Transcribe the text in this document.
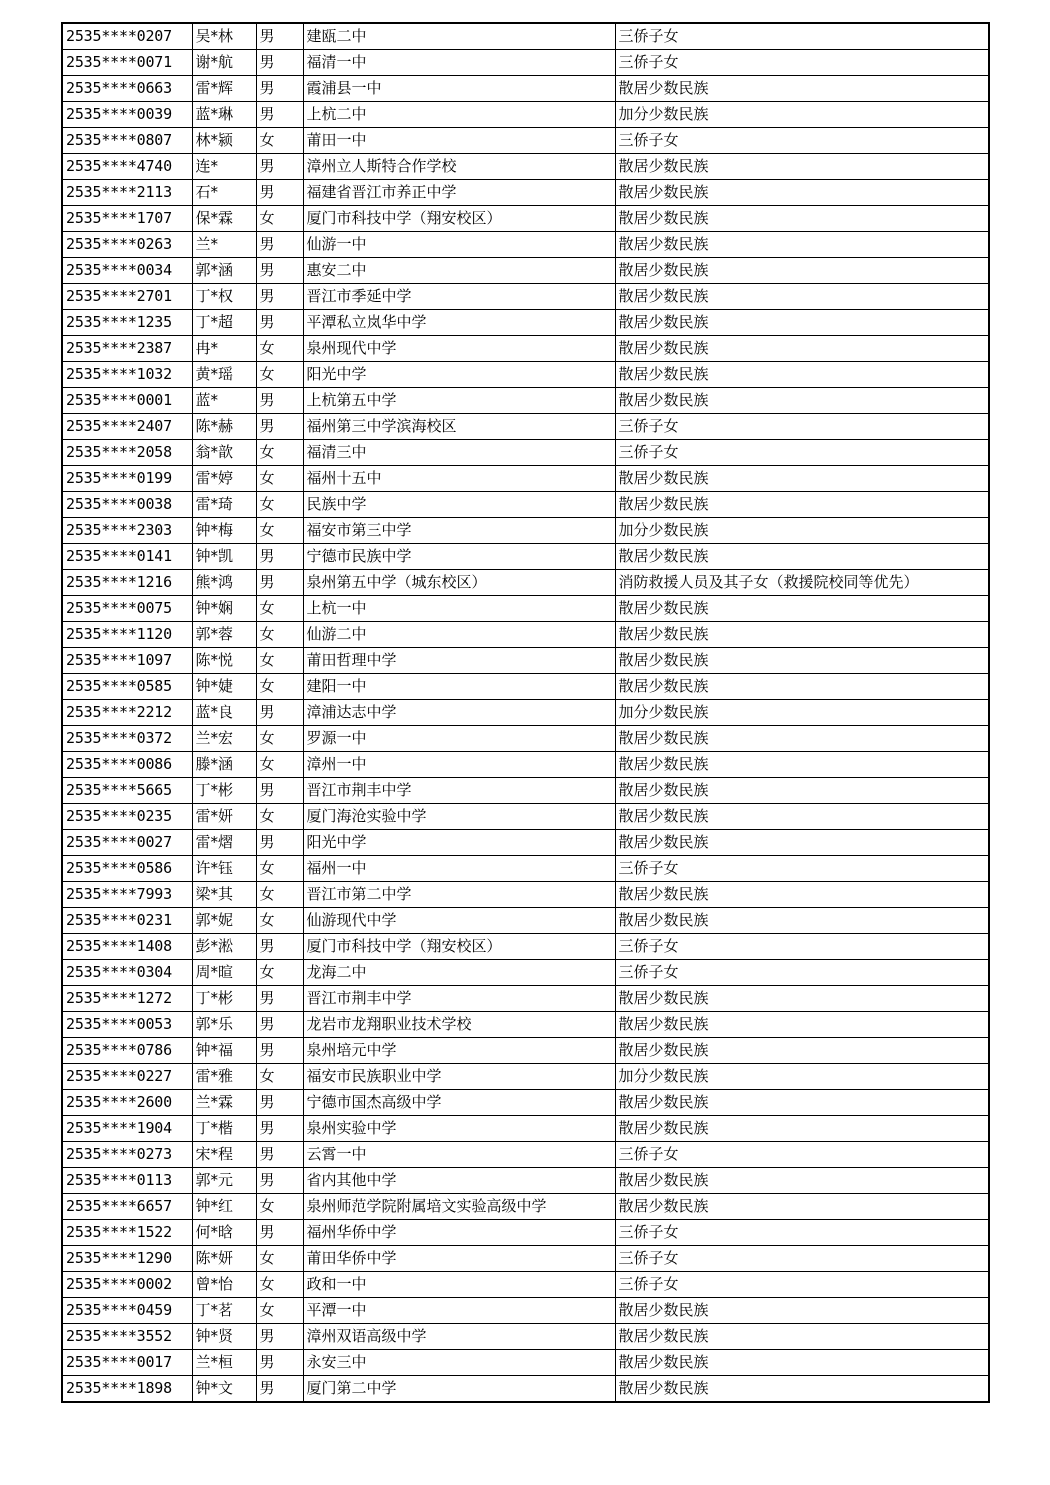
2535****0207	吴*林	男	建瓯二中	三侨子女
2535****0071	谢*航	男	福清一中	三侨子女
2535****0663	雷*辉	男	霞浦县一中	散居少数民族
2535****0039	蓝*琳	男	上杭二中	加分少数民族
2535****0807	林*颍	女	莆田一中	三侨子女
2535****4740	连*	男	漳州立人斯特合作学校	散居少数民族
2535****2113	石*	男	福建省晋江市养正中学	散居少数民族
2535****1707	保*霖	女	厦门市科技中学（翔安校区）	散居少数民族
2535****0263	兰*	男	仙游一中	散居少数民族
2535****0034	郭*涵	男	惠安二中	散居少数民族
2535****2701	丁*权	男	晋江市季延中学	散居少数民族
2535****1235	丁*超	男	平潭私立岚华中学	散居少数民族
2535****2387	冉*	女	泉州现代中学	散居少数民族
2535****1032	黄*瑶	女	阳光中学	散居少数民族
2535****0001	蓝*	男	上杭第五中学	散居少数民族
2535****2407	陈*赫	男	福州第三中学滨海校区	三侨子女
2535****2058	翁*歆	女	福清三中	三侨子女
2535****0199	雷*婷	女	福州十五中	散居少数民族
2535****0038	雷*琦	女	民族中学	散居少数民族
2535****2303	钟*梅	女	福安市第三中学	加分少数民族
2535****0141	钟*凯	男	宁德市民族中学	散居少数民族
2535****1216	熊*鸿	男	泉州第五中学（城东校区）	消防救援人员及其子女（救援院校同等优先）
2535****0075	钟*娴	女	上杭一中	散居少数民族
2535****1120	郭*蓉	女	仙游二中	散居少数民族
2535****1097	陈*悦	女	莆田哲理中学	散居少数民族
2535****0585	钟*婕	女	建阳一中	散居少数民族
2535****2212	蓝*良	男	漳浦达志中学	加分少数民族
2535****0372	兰*宏	女	罗源一中	散居少数民族
2535****0086	滕*涵	女	漳州一中	散居少数民族
2535****5665	丁*彬	男	晋江市荆丰中学	散居少数民族
2535****0235	雷*妍	女	厦门海沧实验中学	散居少数民族
2535****0027	雷*熠	男	阳光中学	散居少数民族
2535****0586	许*钰	女	福州一中	三侨子女
2535****7993	梁*其	女	晋江市第二中学	散居少数民族
2535****0231	郭*妮	女	仙游现代中学	散居少数民族
2535****1408	彭*淞	男	厦门市科技中学（翔安校区）	三侨子女
2535****0304	周*暄	女	龙海二中	三侨子女
2535****1272	丁*彬	男	晋江市荆丰中学	散居少数民族
2535****0053	郭*乐	男	龙岩市龙翔职业技术学校	散居少数民族
2535****0786	钟*福	男	泉州培元中学	散居少数民族
2535****0227	雷*雅	女	福安市民族职业中学	加分少数民族
2535****2600	兰*霖	男	宁德市国杰高级中学	散居少数民族
2535****1904	丁*楷	男	泉州实验中学	散居少数民族
2535****0273	宋*程	男	云霄一中	三侨子女
2535****0113	郭*元	男	省内其他中学	散居少数民族
2535****6657	钟*红	女	泉州师范学院附属培文实验高级中学	散居少数民族
2535****1522	何*晗	男	福州华侨中学	三侨子女
2535****1290	陈*妍	女	莆田华侨中学	三侨子女
2535****0002	曾*怡	女	政和一中	三侨子女
2535****0459	丁*茗	女	平潭一中	散居少数民族
2535****3552	钟*贤	男	漳州双语高级中学	散居少数民族
2535****0017	兰*桓	男	永安三中	散居少数民族
2535****1898	钟*文	男	厦门第二中学	散居少数民族
